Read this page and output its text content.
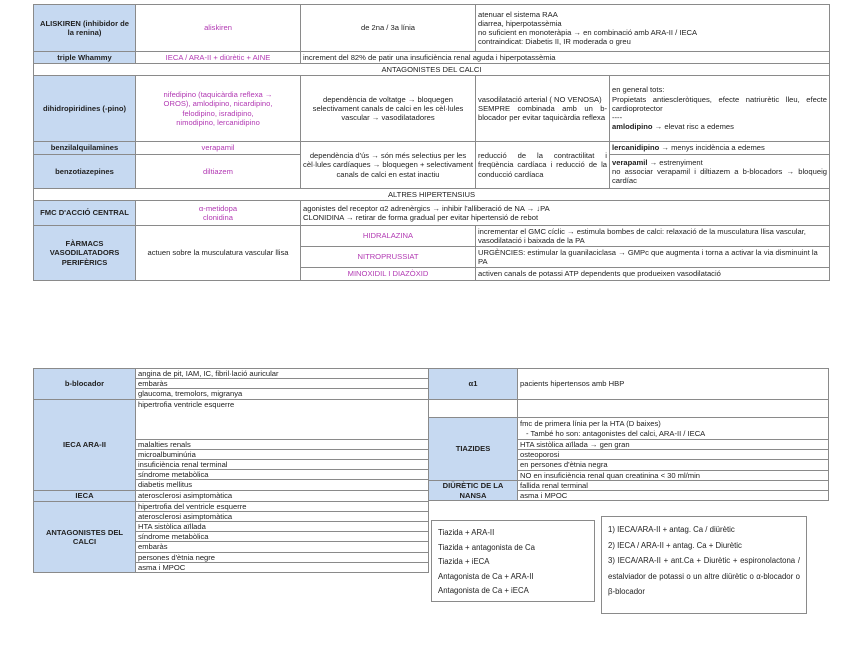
ALISKIREN (inhibidor de la renina)	aliskiren	de 2na / 3a línia	atenuar el sistema RAA
diarrea, hiperpotassèmia
no suficient en monoteràpia → en combinació amb ARA-II / IECA
contraindicat: Diabetis II, IR moderada o greu	

triple Whammy	IECA / ARA-II + diürètic + AINE	increment del 82% de patir una insuficiència renal aguda i hiperpotassèmia		
ANTAGONISTES DEL CALCI				
dihidropiridines (-pino)	nifedipino (taquicàrdia reflexa →
OROS), amlodipino, nicardipino,
felodipino, isradipino,
nimodipino, lercanidipino	dependència de voltatge → bloquegen selectivament canals de calci en les cèl·lules vascular → vasodilatadores	vasodilatació arterial ( NO VENOSA)
SEMPRE combinada amb un b-blocador per evitar taquicàrdia reflexa	en general tots:
Propietats antiescleròtiques, efecte natriurètic lleu, efecte cardioprotector
----
amlodipino → elevat risc a edemes

benzilalquilamines	verapamil	dependència d'ús → són més selectius per les cèl·lules cardíaques → bloquegen + selectivament canals de calci en estat inactiu	reducció de la contractilitat i freqüència cardíaca i reducció de la conducció cardíaca	lercanidipino → menys incidència a edemes
benzotiazepines	diltiazem			verapamil → estrenyiment
no associar verapamil i diltiazem a b-blocadors → bloqueig cardíac

ALTRES HIPERTENSIUS				
FMC D'ACCIÓ CENTRAL	α-metidopa
clonidina	agonistes del receptor α2 adrenèrgics → inhibir l'alliberació de NA → ↓PA
CLONIDINA → retirar de forma gradual per evitar hipertensió de rebot		

FÀRMACS VASODILATADORS PERIFÈRICS	actuen sobre la musculatura vascular llisa	HIDRALAZINA	incrementar el GMC cíclic → estimula bombes de calci: relaxació de la musculatura llisa vascular, vasodilatació i baixada de la PA	
		NITROPRUSSIAT	URGÈNCIES: estimular la guanilaciclasa → GMPc que augmenta i torna a activar la via disminuint la PA	
		MINOXIDIL I DIAZÒXID	activen canals de potassi ATP dependents que produeixen vasodilatació	
b-blocador	angina de pit, IAM, IC, fibril·lació auricular
	embaràs
	glaucoma, tremolors, migranya
IECA ARA-II	hipertrofia ventricle esquerre
	malalties renals
	microalbuminúria
	insuficiència renal terminal
	síndrome metabòlica
	diabetis mellitus
IECA	aterosclerosi asimptomàtica
ANTAGONISTES DEL CALCI	hipertrofia del ventricle esquerre
	aterosclerosi asimptomàtica
	HTA sistòlica aïllada
	síndrome metabòlica
	embaràs
	persones d'ètnia negre
	asma i MPOC
α1	pacients hipertensos amb HBP

TIAZIDES	fmc de primera línia per la HTA (D baixes)
- També ho son: antagonistes del calci, ARA-II / IECA

	HTA sistòlica aïllada → gen gran
	osteoporosi
	en persones d'ètnia negra
	NO en insuficiència renal quan creatinina < 30 ml/min
DIÜRÈTIC DE LA NANSA	fallida renal terminal
	asma i MPOC
Tiazida + ARA-II
Tiazida + antagonista de Ca
Tiazida + iECA
Antagonista de Ca + ARA-II
Antagonista de Ca + iECA
1) IECA/ARA-II + antag. Ca / diürètic
2) IECA / ARA-II + antag. Ca + Diurètic
3) IECA/ARA-II + ant.Ca + Diurètic + espironolactona / estalviador de potassi o un altre diürètic o α-blocador o β-blocador
